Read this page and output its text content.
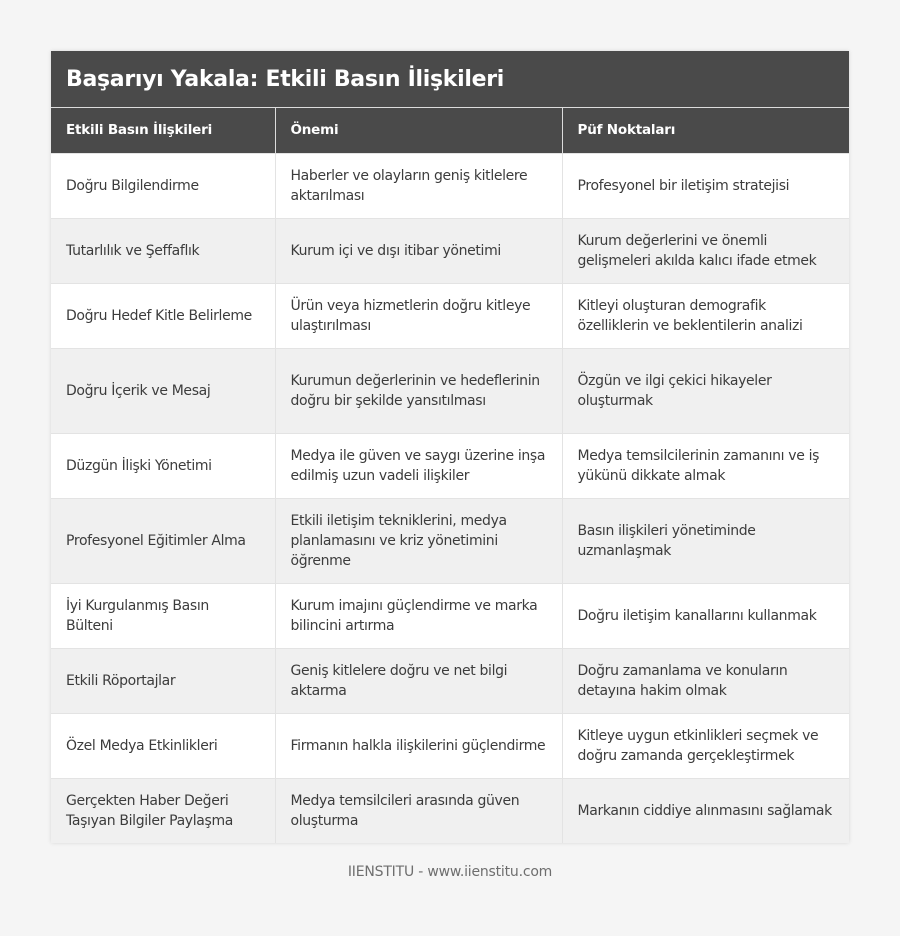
Başarıyı Yakala: Etkili Basın İlişkileri
Etkili Basın İlişkileri	Önemi	Püf Noktaları
Doğru Bilgilendirme	Haberler ve olayların geniş kitlelere aktarılması	Profesyonel bir iletişim stratejisi
Tutarlılık ve Şeffaflık	Kurum içi ve dışı itibar yönetimi	Kurum değerlerini ve önemli gelişmeleri akılda kalıcı ifade etmek
Doğru Hedef Kitle Belirleme	Ürün veya hizmetlerin doğru kitleye ulaştırılması	Kitleyi oluşturan demografik özelliklerin ve beklentilerin analizi
Doğru İçerik ve Mesaj	Kurumun değerlerinin ve hedeflerinin doğru bir şekilde yansıtılması	Özgün ve ilgi çekici hikayeler oluşturmak
Düzgün İlişki Yönetimi	Medya ile güven ve saygı üzerine inşa edilmiş uzun vadeli ilişkiler	Medya temsilcilerinin zamanını ve iş yükünü dikkate almak
Profesyonel Eğitimler Alma	Etkili iletişim tekniklerini, medya planlamasını ve kriz yönetimini öğrenme	Basın ilişkileri yönetiminde uzmanlaşmak
İyi Kurgulanmış Basın Bülteni	Kurum imajını güçlendirme ve marka bilincini artırma	Doğru iletişim kanallarını kullanmak
Etkili Röportajlar	Geniş kitlelere doğru ve net bilgi aktarma	Doğru zamanlama ve konuların detayına hakim olmak
Özel Medya Etkinlikleri	Firmanın halkla ilişkilerini güçlendirme	Kitleye uygun etkinlikleri seçmek ve doğru zamanda gerçekleştirmek
Gerçekten Haber Değeri Taşıyan Bilgiler Paylaşma	Medya temsilcileri arasında güven oluşturma	Markanın ciddiye alınmasını sağlamak
IIENSTITU - www.iienstitu.com
